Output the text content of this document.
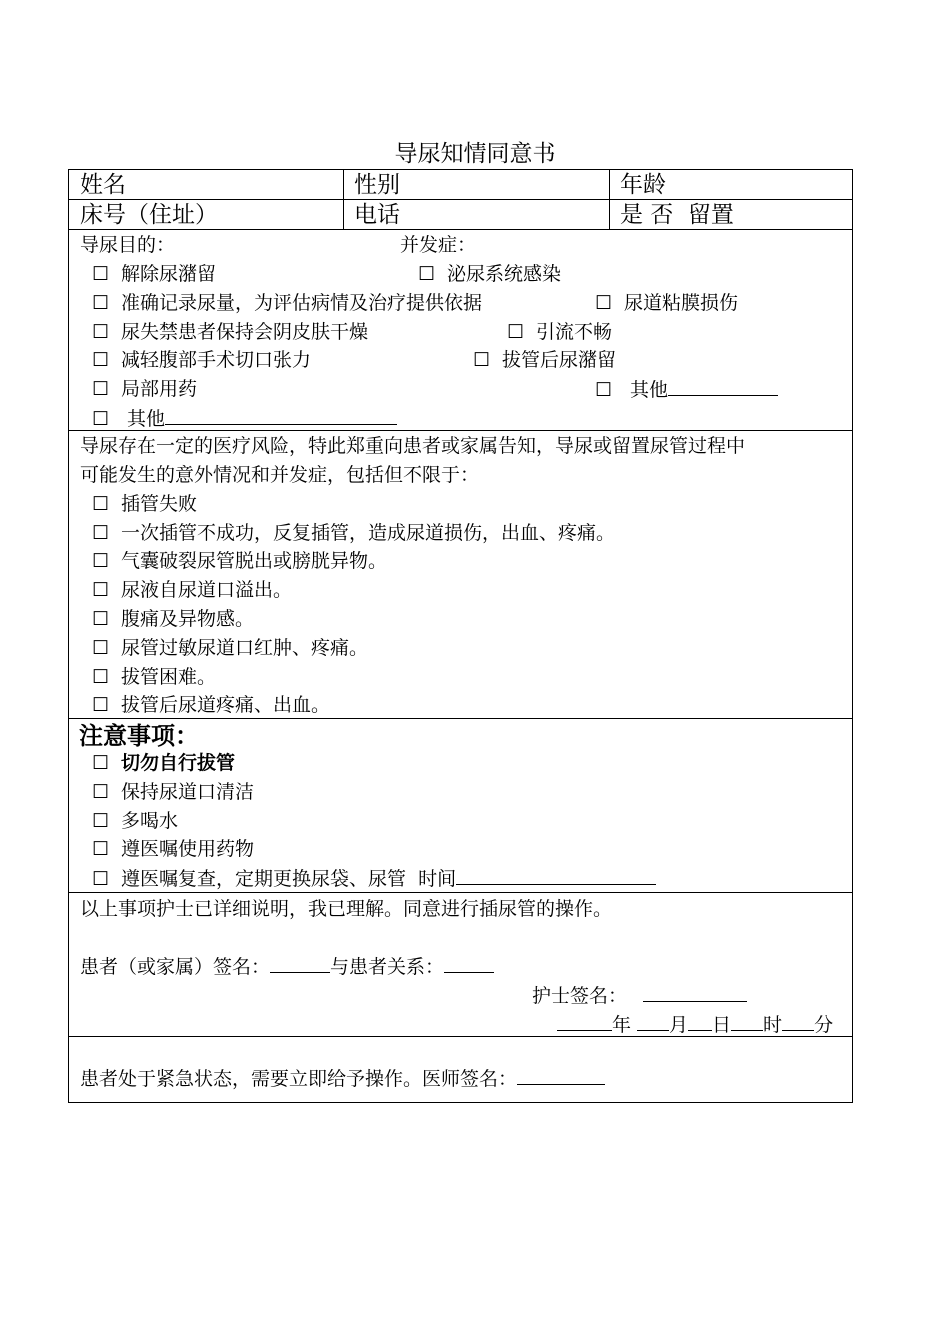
导尿知情同意书
姓名	性别	年龄
床号（住址）	电话	是 否  留置
导尿目的：	并发症：
☐ 解除尿潴留	☐ 泌尿系统感染
☐ 准确记录尿量，为评估病情及治疗提供依据	☐ 尿道粘膜损伤
☐ 尿失禁患者保持会阴皮肤干燥	☐ 引流不畅
☐ 减轻腹部手术切口张力	☐ 拔管后尿潴留
☐ 局部用药	☐ 其他
☐ 其他
导尿存在一定的医疗风险，特此郑重向患者或家属告知，导尿或留置尿管过程中
可能发生的意外情况和并发症，包括但不限于：
☐ 插管失败
☐ 一次插管不成功，反复插管，造成尿道损伤，出血、疼痛。
☐ 气囊破裂尿管脱出或膀胱异物。
☐ 尿液自尿道口溢出。
☐ 腹痛及异物感。
☐ 尿管过敏尿道口红肿、疼痛。
☐ 拔管困难。
☐ 拔管后尿道疼痛、出血。
注意事项：
☐ 切勿自行拔管
☐ 保持尿道口清洁
☐ 多喝水
☐ 遵医嘱使用药物
☐ 遵医嘱复查，定期更换尿袋、尿管  时间
以上事项护士已详细说明，我已理解。同意进行插尿管的操作。
患者（或家属）签名：	与患者关系：
护士签名：
年 月 日 时 分
患者处于紧急状态，需要立即给予操作。医师签名：
